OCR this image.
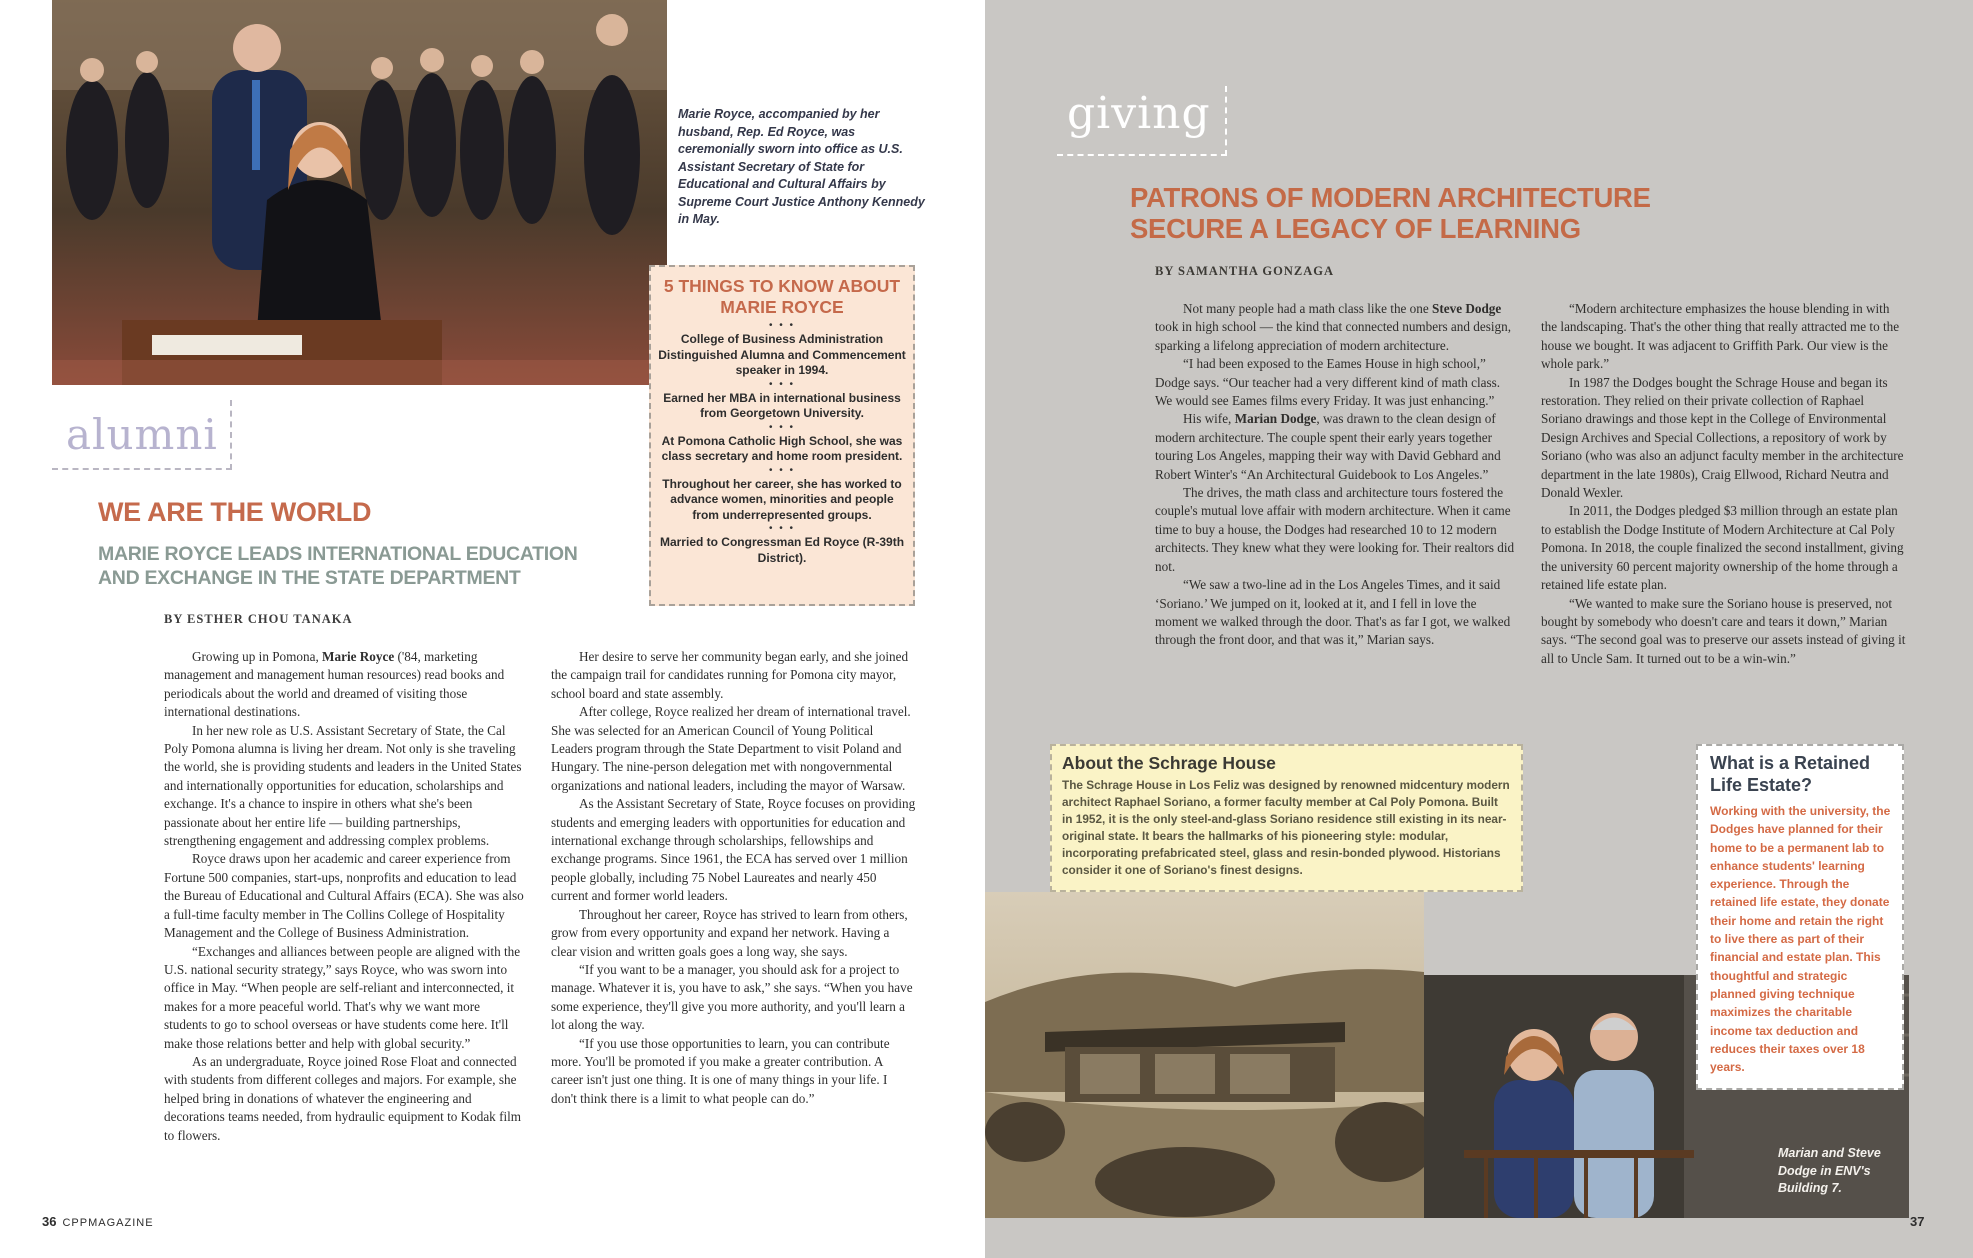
Marie Royce, accompanied by her husband, Rep. Ed Royce, was ceremonially sworn into office as U.S. Assistant Secretary of State for Educational and Cultural Affairs by Supreme Court Justice Anthony Kennedy in May.
alumni
WE ARE THE WORLD
MARIE ROYCE LEADS INTERNATIONAL EDUCATION AND EXCHANGE IN THE STATE DEPARTMENT
BY ESTHER CHOU TANAKA
5 THINGS TO KNOW ABOUT MARIE ROYCE
• • •
College of Business Administration Distinguished Alumna and Commencement speaker in 1994.
• • •
Earned her MBA in international business from Georgetown University.
• • •
At Pomona Catholic High School, she was class secretary and home room president.
• • •
Throughout her career, she has worked to advance women, minorities and people from underrepresented groups.
• • •
Married to Congressman Ed Royce (R-39th District).

Growing up in Pomona, Marie Royce ('84, marketing management and management human resources) read books and periodicals about the world and dreamed of visiting those international destinations.

In her new role as U.S. Assistant Secretary of State, the Cal Poly Pomona alumna is living her dream. Not only is she traveling the world, she is providing students and leaders in the United States and internationally opportunities for education, scholarships and exchange. It's a chance to inspire in others what she's been passionate about her entire life — building partnerships, strengthening engagement and addressing complex problems.

Royce draws upon her academic and career experience from Fortune 500 companies, start-ups, nonprofits and education to lead the Bureau of Educational and Cultural Affairs (ECA). She was also a full-time faculty member in The Collins College of Hospitality Management and the College of Business Administration.

“Exchanges and alliances between people are aligned with the U.S. national security strategy,” says Royce, who was sworn into office in May. “When people are self-reliant and interconnected, it makes for a more peaceful world. That's why we want more students to go to school overseas or have students come here. It'll make those relations better and help with global security.”

As an undergraduate, Royce joined Rose Float and connected with students from different colleges and majors. For example, she helped bring in donations of whatever the engineering and decorations teams needed, from hydraulic equipment to Kodak film to flowers.

Her desire to serve her community began early, and she joined the campaign trail for candidates running for Pomona city mayor, school board and state assembly.

After college, Royce realized her dream of international travel. She was selected for an American Council of Young Political Leaders program through the State Department to visit Poland and Hungary. The nine-person delegation met with nongovernmental organizations and national leaders, including the mayor of Warsaw.

As the Assistant Secretary of State, Royce focuses on providing students and emerging leaders with opportunities for education and international exchange through scholarships, fellowships and exchange programs. Since 1961, the ECA has served over 1 million people globally, including 75 Nobel Laureates and nearly 450 current and former world leaders.

Throughout her career, Royce has strived to learn from others, grow from every opportunity and expand her network. Having a clear vision and written goals goes a long way, she says.

“If you want to be a manager, you should ask for a project to manage. Whatever it is, you have to ask,” she says. “When you have some experience, they'll give you more authority, and you'll learn a lot along the way.

“If you use those opportunities to learn, you can contribute more. You'll be promoted if you make a greater contribution. A career isn't just one thing. It is one of many things in your life. I don't think there is a limit to what people can do.”

36 CPPMAGAZINE
giving
PATRONS OF MODERN ARCHITECTURE SECURE A LEGACY OF LEARNING
BY SAMANTHA GONZAGA

Not many people had a math class like the one Steve Dodge took in high school — the kind that connected numbers and design, sparking a lifelong appreciation of modern architecture.

“I had been exposed to the Eames House in high school,” Dodge says. “Our teacher had a very different kind of math class. We would see Eames films every Friday. It was just enhancing.”

His wife, Marian Dodge, was drawn to the clean design of modern architecture. The couple spent their early years together touring Los Angeles, mapping their way with David Gebhard and Robert Winter's “An Architectural Guidebook to Los Angeles.”

The drives, the math class and architecture tours fostered the couple's mutual love affair with modern architecture. When it came time to buy a house, the Dodges had researched 10 to 12 modern architects. They knew what they were looking for. Their realtors did not.

“We saw a two-line ad in the Los Angeles Times, and it said ‘Soriano.’ We jumped on it, looked at it, and I fell in love the moment we walked through the door. That's as far I got, we walked through the front door, and that was it,” Marian says.

“Modern architecture emphasizes the house blending in with the landscaping. That's the other thing that really attracted me to the house we bought. It was adjacent to Griffith Park. Our view is the whole park.”

In 1987 the Dodges bought the Schrage House and began its restoration. They relied on their private collection of Raphael Soriano drawings and those kept in the College of Environmental Design Archives and Special Collections, a repository of work by Soriano (who was also an adjunct faculty member in the architecture department in the late 1980s), Craig Ellwood, Richard Neutra and Donald Wexler.

In 2011, the Dodges pledged $3 million through an estate plan to establish the Dodge Institute of Modern Architecture at Cal Poly Pomona. In 2018, the couple finalized the second installment, giving the university 60 percent majority ownership of the home through a retained life estate plan.

“We wanted to make sure the Soriano house is preserved, not bought by somebody who doesn't care and tears it down,” Marian says. “The second goal was to preserve our assets instead of giving it all to Uncle Sam. It turned out to be a win-win.”

Marian and Steve Dodge in ENV's Building 7.
About the Schrage House

The Schrage House in Los Feliz was designed by renowned midcentury modern architect Raphael Soriano, a former faculty member at Cal Poly Pomona. Built in 1952, it is the only steel-and-glass Soriano residence still existing in its near-original state. It bears the hallmarks of his pioneering style: modular, incorporating prefabricated steel, glass and resin-bonded plywood. Historians consider it one of Soriano's finest designs.

What is a Retained Life Estate?

Working with the university, the Dodges have planned for their home to be a permanent lab to enhance students' learning experience. Through the retained life estate, they donate their home and retain the right to live there as part of their financial and estate plan. This thoughtful and strategic planned giving technique maximizes the charitable income tax deduction and reduces their taxes over 18 years.

37
